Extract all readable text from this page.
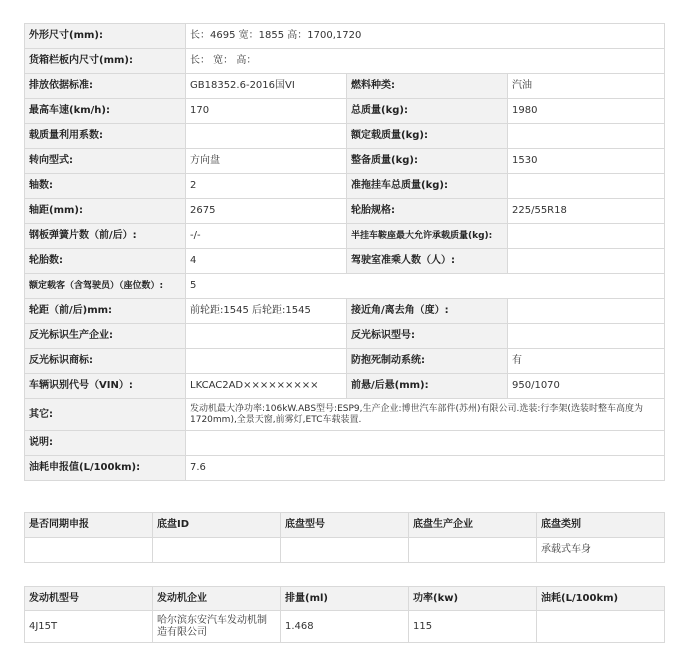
外形尺寸(mm):	长：4695 宽：1855 高：1700,1720		
货箱栏板内尺寸(mm):	长： 宽： 高：		
排放依据标准:	GB18352.6-2016国VI	燃料种类:	汽油
最高车速(km/h):	170	总质量(kg):	1980
载质量利用系数:		额定载质量(kg):	
转向型式:	方向盘	整备质量(kg):	1530
轴数:	2	准拖挂车总质量(kg):	
轴距(mm):	2675	轮胎规格:	225/55R18
钢板弹簧片数（前/后）:	-/-	半挂车鞍座最大允许承载质量(kg):	
轮胎数:	4	驾驶室准乘人数（人）:	
额定载客（含驾驶员）（座位数）:	5		
轮距（前/后)mm:	前轮距:1545 后轮距:1545	接近角/离去角（度）:	
反光标识生产企业:		反光标识型号:	
反光标识商标:		防抱死制动系统:	有
车辆识别代号（VIN）:	LKCAC2AD×××××××××	前悬/后悬(mm):	950/1070
其它:	发动机最大净功率:106kW.ABS型号:ESP9,生产企业:博世汽车部件(苏州)有限公司.选装:行李架(选装时整车高度为1720mm),全景天窗,前雾灯,ETC车载装置.		
说明:			
油耗申报值(L/100km):	7.6		
是否同期申报	底盘ID	底盘型号	底盘生产企业	底盘类别
				承载式车身
发动机型号	发动机企业	排量(ml)	功率(kw)	油耗(L/100km)
4J15T	哈尔滨东安汽车发动机制造有限公司	1.468	115	
